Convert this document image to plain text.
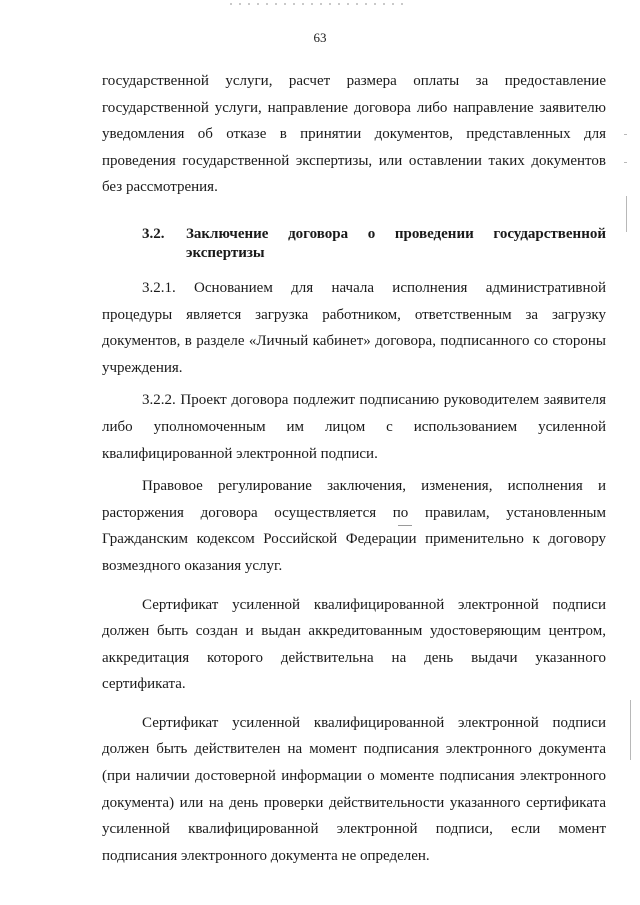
63

государственной услуги, расчет размера оплаты за предоставление государственной услуги, направление договора либо направление заявителю уведомления об отказе в принятии документов, представленных для проведения государственной экспертизы, или оставлении таких документов без рассмотрения.

3.2.	Заключение договора о проведении государственной экспертизы

3.2.1. Основанием для начала исполнения административной процедуры является загрузка работником, ответственным за загрузку документов, в разделе «Личный кабинет» договора, подписанного со стороны учреждения.

3.2.2. Проект договора подлежит подписанию руководителем заявителя либо уполномоченным им лицом с использованием усиленной квалифицированной электронной подписи.

Правовое регулирование заключения, изменения, исполнения и расторжения договора осуществляется по правилам, установленным Гражданским кодексом Российской Федерации применительно к договору возмездного оказания услуг.

Сертификат усиленной квалифицированной электронной подписи должен быть создан и выдан аккредитованным удостоверяющим центром, аккредитация которого действительна на день выдачи указанного сертификата.

Сертификат усиленной квалифицированной электронной подписи должен быть действителен на момент подписания электронного документа (при наличии достоверной информации о моменте подписания электронного документа) или на день проверки действительности указанного сертификата усиленной квалифицированной электронной подписи, если момент подписания электронного документа не определен.
